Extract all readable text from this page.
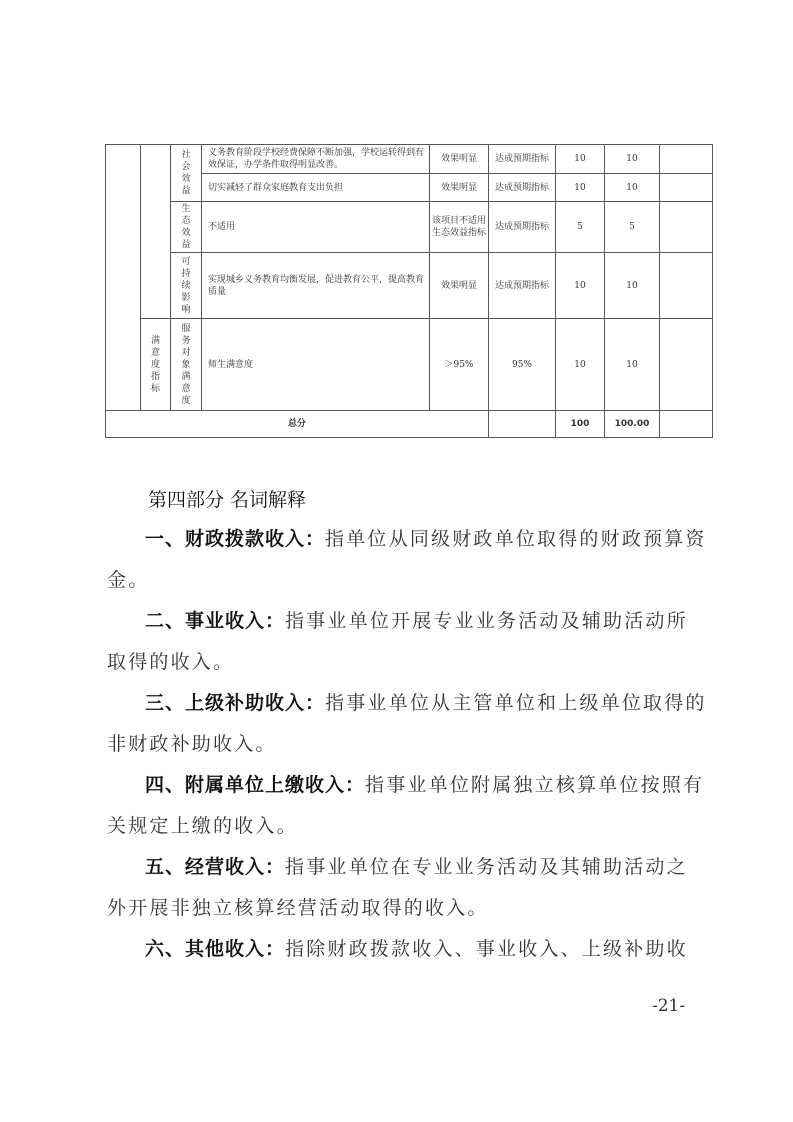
		社会效益	义务教育阶段学校经费保障不断加强，学校运转得到有效保证，办学条件取得明显改善。	效果明显	达成预期指标	10	10	
			切实减轻了群众家庭教育支出负担	效果明显	达成预期指标	10	10	

		生态效益	不适用	该项目不适用生态效益指标	达成预期指标	5	5	

		可持续影响	实现城乡义务教育均衡发展，促进教育公平，提高教育质量	效果明显	达成预期指标	10	10	

	满意度指标	服务对象满意度	师生满意度	＞95%	95%	10	10	
总分						100	100.00	
第四部分 名词解释
一、财政拨款收入：指单位从同级财政单位取得的财政预算资金。
二、事业收入：指事业单位开展专业业务活动及辅助活动所取得的收入。
三、上级补助收入：指事业单位从主管单位和上级单位取得的非财政补助收入。
四、附属单位上缴收入：指事业单位附属独立核算单位按照有关规定上缴的收入。
五、经营收入：指事业单位在专业业务活动及其辅助活动之外开展非独立核算经营活动取得的收入。
六、其他收入：指除财政拨款收入、事业收入、上级补助收
-21-
